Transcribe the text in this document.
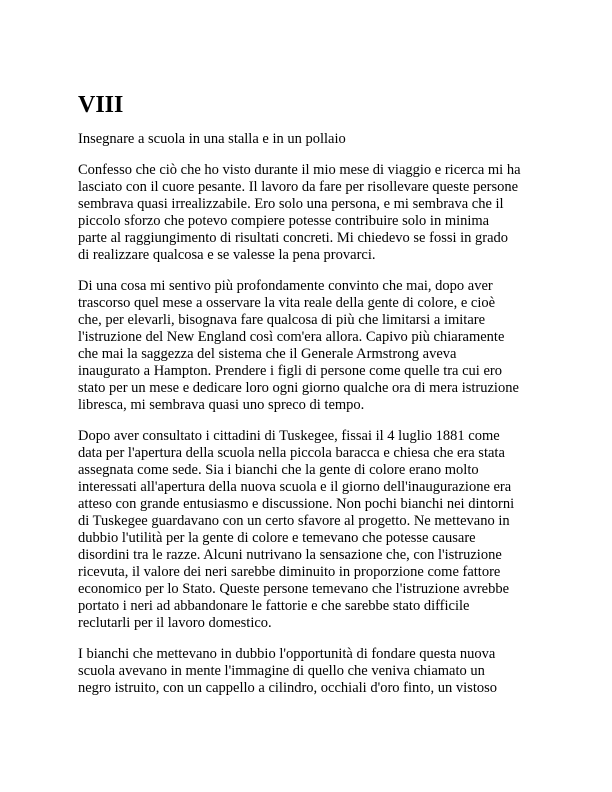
VIII

Insegnare a scuola in una stalla e in un pollaio

Confesso che ciò che ho visto durante il mio mese di viaggio e ricerca mi ha
lasciato con il cuore pesante. Il lavoro da fare per risollevare queste persone
sembrava quasi irrealizzabile. Ero solo una persona, e mi sembrava che il
piccolo sforzo che potevo compiere potesse contribuire solo in minima
parte al raggiungimento di risultati concreti. Mi chiedevo se fossi in grado
di realizzare qualcosa e se valesse la pena provarci.

Di una cosa mi sentivo più profondamente convinto che mai, dopo aver
trascorso quel mese a osservare la vita reale della gente di colore, e cioè
che, per elevarli, bisognava fare qualcosa di più che limitarsi a imitare
l'istruzione del New England così com'era allora. Capivo più chiaramente
che mai la saggezza del sistema che il Generale Armstrong aveva
inaugurato a Hampton. Prendere i figli di persone come quelle tra cui ero
stato per un mese e dedicare loro ogni giorno qualche ora di mera istruzione
libresca, mi sembrava quasi uno spreco di tempo.

Dopo aver consultato i cittadini di Tuskegee, fissai il 4 luglio 1881 come
data per l'apertura della scuola nella piccola baracca e chiesa che era stata
assegnata come sede. Sia i bianchi che la gente di colore erano molto
interessati all'apertura della nuova scuola e il giorno dell'inaugurazione era
atteso con grande entusiasmo e discussione. Non pochi bianchi nei dintorni
di Tuskegee guardavano con un certo sfavore al progetto. Ne mettevano in
dubbio l'utilità per la gente di colore e temevano che potesse causare
disordini tra le razze. Alcuni nutrivano la sensazione che, con l'istruzione
ricevuta, il valore dei neri sarebbe diminuito in proporzione come fattore
economico per lo Stato. Queste persone temevano che l'istruzione avrebbe
portato i neri ad abbandonare le fattorie e che sarebbe stato difficile
reclutarli per il lavoro domestico.

I bianchi che mettevano in dubbio l'opportunità di fondare questa nuova
scuola avevano in mente l'immagine di quello che veniva chiamato un
negro istruito, con un cappello a cilindro, occhiali d'oro finto, un vistoso
